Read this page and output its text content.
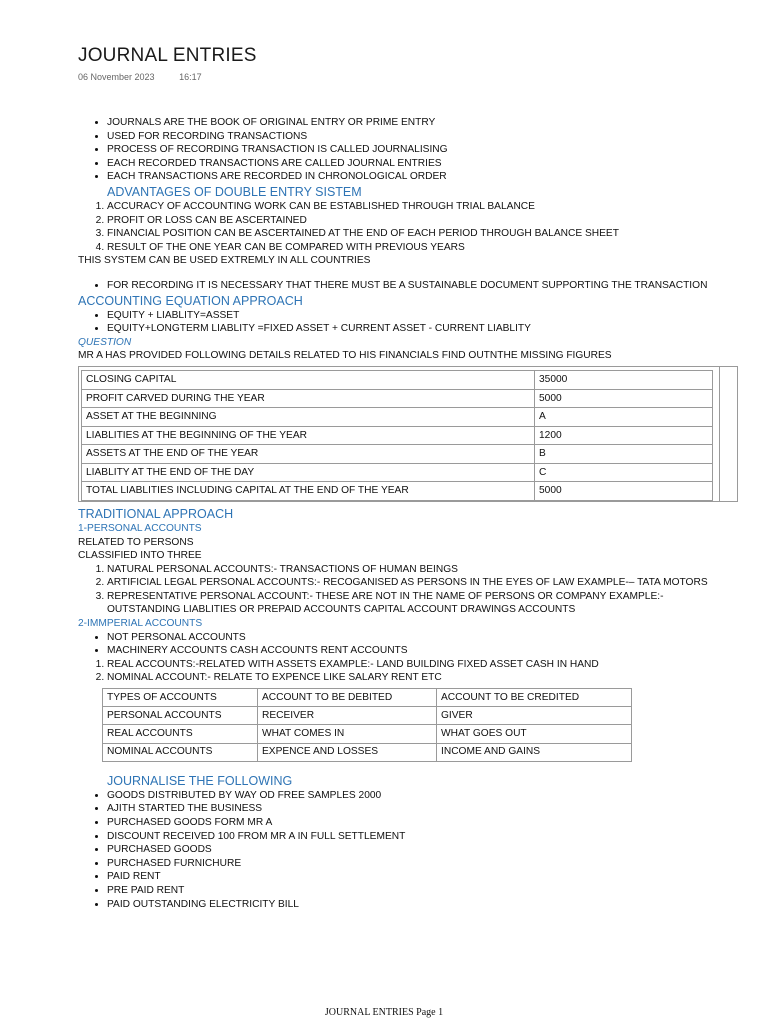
JOURNAL ENTRIES
06 November 2023	16:17
• JOURNALS ARE THE BOOK OF ORIGINAL ENTRY OR PRIME ENTRY
• USED FOR RECORDING TRANSACTIONS
• PROCESS OF RECORDING TRANSACTION IS CALLED JOURNALISING
• EACH RECORDED TRANSACTIONS ARE CALLED JOURNAL ENTRIES
• EACH TRANSACTIONS ARE RECORDED IN CHRONOLOGICAL ORDER

ADVANTAGES OF DOUBLE ENTRY SISTEM

1. ACCURACY OF ACCOUNTING WORK CAN BE ESTABLISHED THROUGH TRIAL BALANCE
2. PROFIT OR LOSS CAN BE ASCERTAINED
3. FINANCIAL POSITION CAN BE ASCERTAINED AT THE END OF EACH PERIOD THROUGH BALANCE SHEET
4. RESULT OF THE ONE YEAR CAN BE COMPARED WITH PREVIOUS YEARS

THIS SYSTEM CAN BE USED EXTREMLY IN ALL COUNTRIES

• FOR RECORDING IT IS NECESSARY THAT THERE MUST BE A SUSTAINABLE DOCUMENT SUPPORTING THE TRANSACTION

ACCOUNTING EQUATION APPROACH

• EQUITY + LIABLITY=ASSET
• EQUITY+LONGTERM LIABLITY =FIXED ASSET + CURRENT ASSET - CURRENT LIABLITY

QUESTION

MR A HAS PROVIDED FOLLOWING DETAILS RELATED TO HIS FINANCIALS FIND OUTNTHE MISSING FIGURES

CLOSING CAPITAL	35000
PROFIT CARVED DURING THE YEAR	5000
ASSET AT THE BEGINNING	A
LIABLITIES AT THE BEGINNING OF THE YEAR	1200
ASSETS AT THE END OF THE YEAR	B
LIABLITY AT THE END OF THE DAY	C
TOTAL LIABLITIES INCLUDING CAPITAL AT THE END OF THE YEAR	5000

TRADITIONAL APPROACH

1-PERSONAL ACCOUNTS

RELATED TO PERSONS

CLASSIFIED INTO THREE

1. NATURAL PERSONAL ACCOUNTS:- TRANSACTIONS OF HUMAN BEINGS
2. ARTIFICIAL LEGAL PERSONAL ACCOUNTS:- RECOGANISED AS PERSONS IN THE EYES OF LAW EXAMPLE-– TATA MOTORS
3. REPRESENTATIVE PERSONAL ACCOUNT:- THESE ARE NOT IN THE NAME OF PERSONS OR COMPANY EXAMPLE:- OUTSTANDING LIABLITIES OR PREPAID ACCOUNTS CAPITAL ACCOUNT DRAWINGS ACCOUNTS

2-IMMPERIAL ACCOUNTS

• NOT PERSONAL ACCOUNTS
• MACHINERY ACCOUNTS CASH ACCOUNTS RENT ACCOUNTS
1. REAL ACCOUNTS:-RELATED WITH ASSETS EXAMPLE:- LAND BUILDING FIXED ASSET CASH IN HAND
2. NOMINAL ACCOUNT:- RELATE TO EXPENCE LIKE SALARY RENT ETC
TYPES OF ACCOUNTS	ACCOUNT TO BE DEBITED	ACCOUNT TO BE CREDITED
PERSONAL ACCOUNTS	RECEIVER	GIVER
REAL ACCOUNTS	WHAT COMES IN	WHAT GOES OUT
NOMINAL ACCOUNTS	EXPENCE AND LOSSES	INCOME AND GAINS

JOURNALISE THE FOLLOWING

• GOODS DISTRIBUTED BY WAY OD FREE SAMPLES 2000
• AJITH STARTED THE BUSINESS
• PURCHASED GOODS FORM MR A
• DISCOUNT RECEIVED 100 FROM MR A IN FULL SETTLEMENT
• PURCHASED GOODS
• PURCHASED FURNICHURE
• PAID RENT
• PRE PAID RENT
• PAID OUTSTANDING ELECTRICITY BILL
JOURNAL ENTRIES Page 1
